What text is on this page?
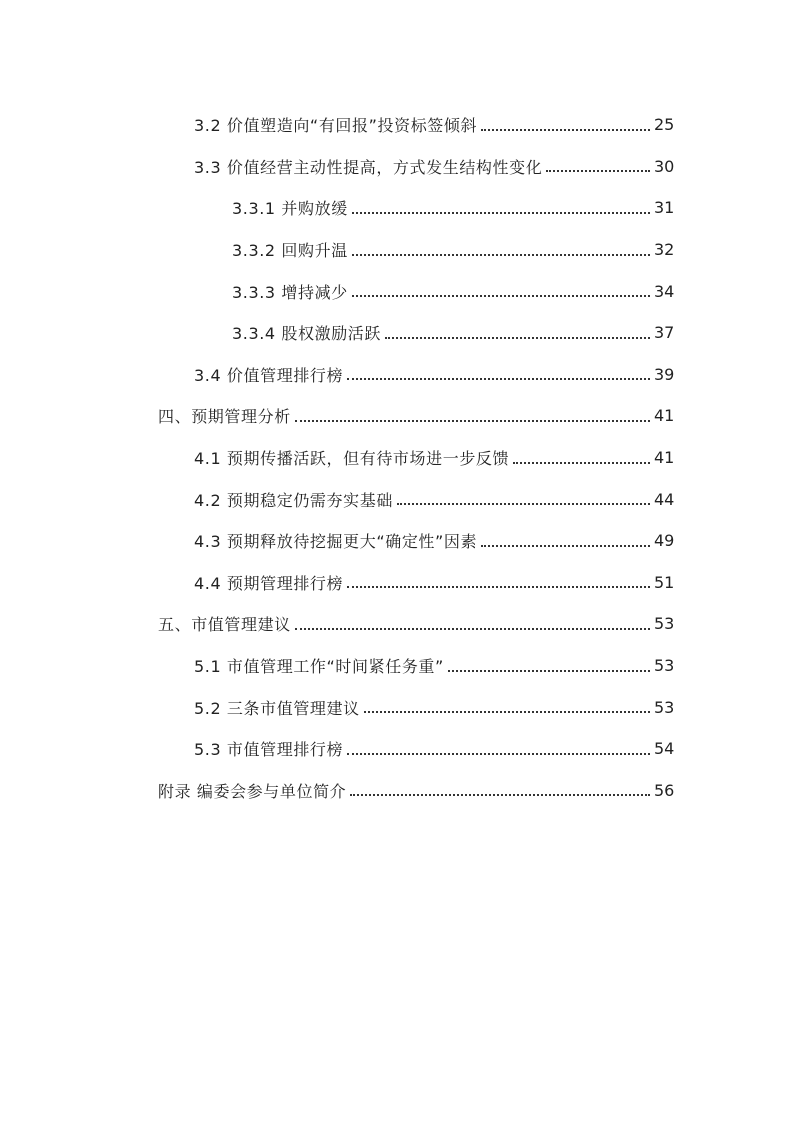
3.2 价值塑造向“有回报”投资标签倾斜	25
3.3 价值经营主动性提高，方式发生结构性变化	30
3.3.1 并购放缓	31
3.3.2 回购升温	32
3.3.3 增持减少	34
3.3.4 股权激励活跃	37
3.4 价值管理排行榜	39
四、预期管理分析	41
4.1 预期传播活跃，但有待市场进一步反馈	41
4.2 预期稳定仍需夯实基础	44
4.3 预期释放待挖掘更大“确定性”因素	49
4.4 预期管理排行榜	51
五、市值管理建议	53
5.1 市值管理工作“时间紧任务重”	53
5.2 三条市值管理建议	53
5.3 市值管理排行榜	54
附录 编委会参与单位简介	56
